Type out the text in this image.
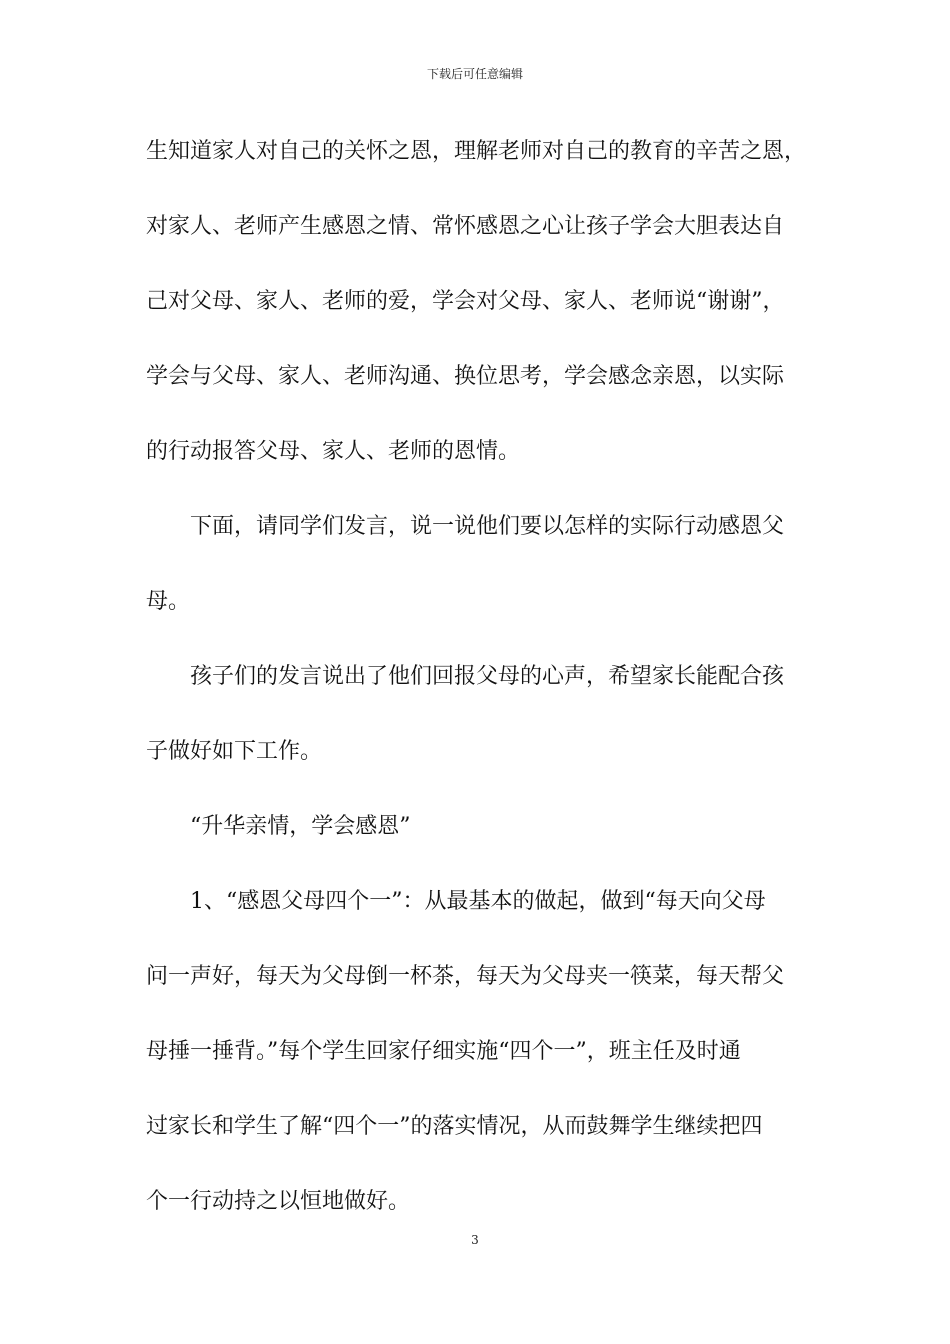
下载后可任意编辑
生知道家人对自己的关怀之恩，理解老师对自己的教育的辛苦之恩，
对家人、老师产生感恩之情、常怀感恩之心让孩子学会大胆表达自
己对父母、家人、老师的爱，学会对父母、家人、老师说“谢谢”，
学会与父母、家人、老师沟通、换位思考，学会感念亲恩，以实际
的行动报答父母、家人、老师的恩情。
下面，请同学们发言，说一说他们要以怎样的实际行动感恩父
母。
孩子们的发言说出了他们回报父母的心声，希望家长能配合孩
子做好如下工作。
“升华亲情，学会感恩”
1、“感恩父母四个一”：从最基本的做起，做到“每天向父母
问一声好，每天为父母倒一杯茶，每天为父母夹一筷菜，每天帮父
母捶一捶背。”每个学生回家仔细实施“四个一”，班主任及时通
过家长和学生了解“四个一”的落实情况，从而鼓舞学生继续把四
个一行动持之以恒地做好。
3
